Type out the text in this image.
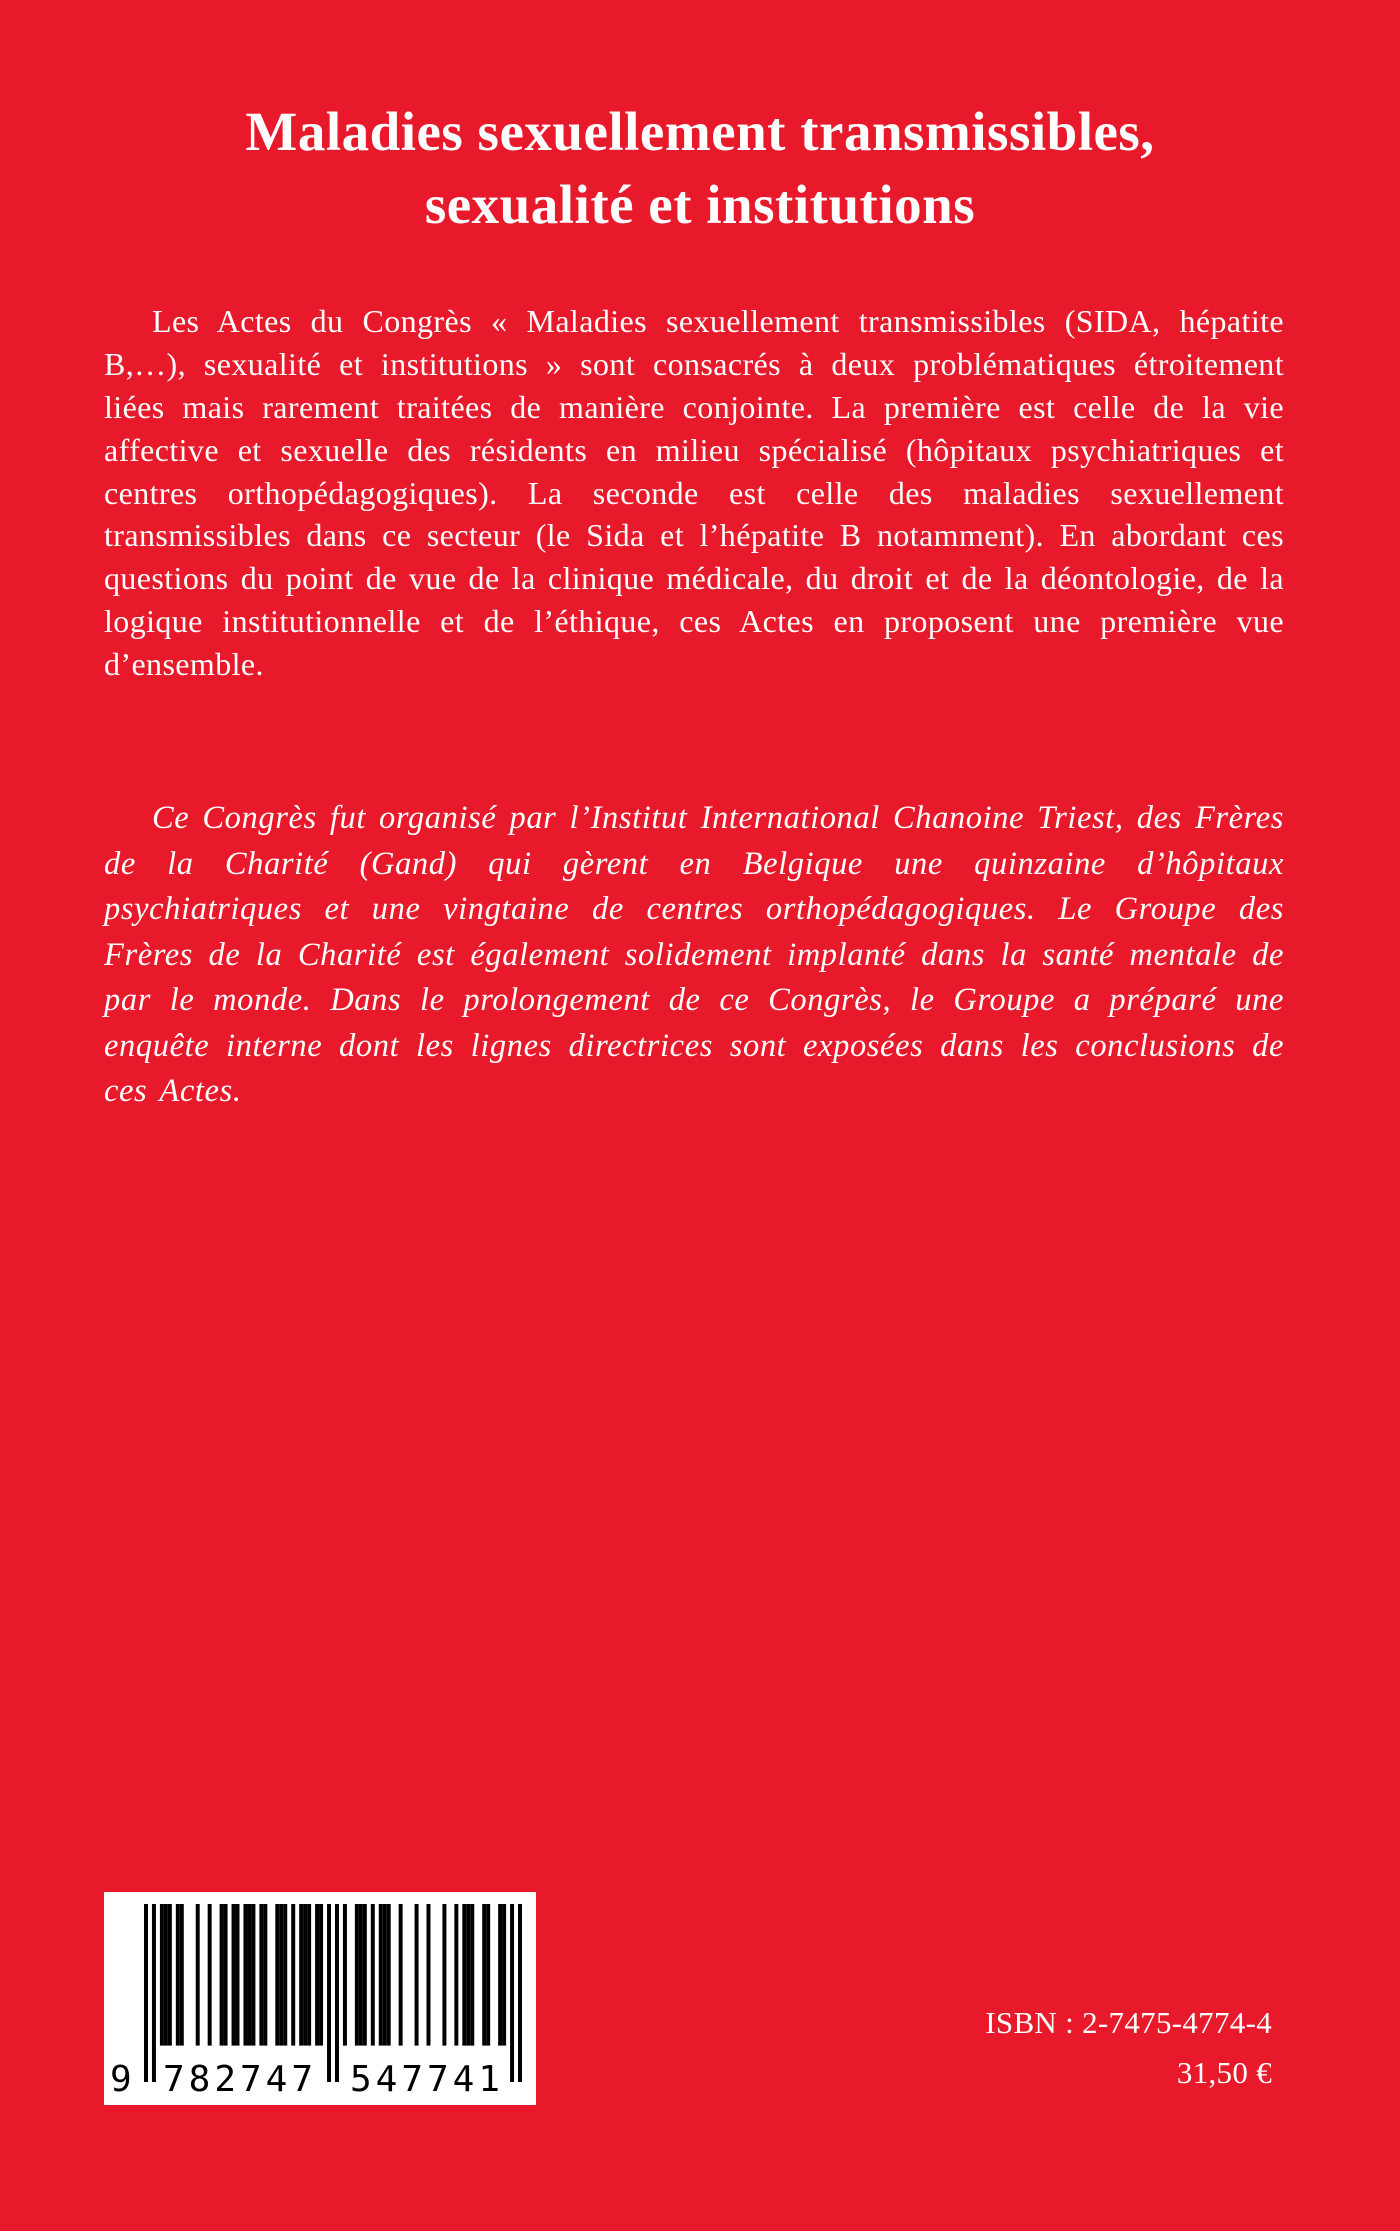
Maladies sexuellement transmissibles,
sexualité et institutions

Les Actes du Congrès « Maladies sexuellement transmissibles (SIDA, hépatite B,…), sexualité et institutions » sont consacrés à deux problématiques étroitement liées mais rarement traitées de manière conjointe. La première est celle de la vie affective et sexuelle des résidents en milieu spécialisé (hôpitaux psychiatriques et centres orthopédagogiques). La seconde est celle des maladies sexuellement transmissibles dans ce secteur (le Sida et l’hépatite B notamment). En abordant ces questions du point de vue de la clinique médicale, du droit et de la déontologie, de la logique institutionnelle et de l’éthique, ces Actes en proposent une première vue d’ensemble.

Ce Congrès fut organisé par l’Institut International Chanoine Triest, des Frères de la Charité (Gand) qui gèrent en Belgique une quinzaine d’hôpitaux psychiatriques et une vingtaine de centres orthopédagogiques. Le Groupe des Frères de la Charité est également solidement implanté dans la santé mentale de par le monde. Dans le prolongement de ce Congrès, le Groupe a préparé une enquête interne dont les lignes directrices sont exposées dans les conclusions de ces Actes.

9 782747 547741
ISBN : 2-7475-4774-4
31,50 €
